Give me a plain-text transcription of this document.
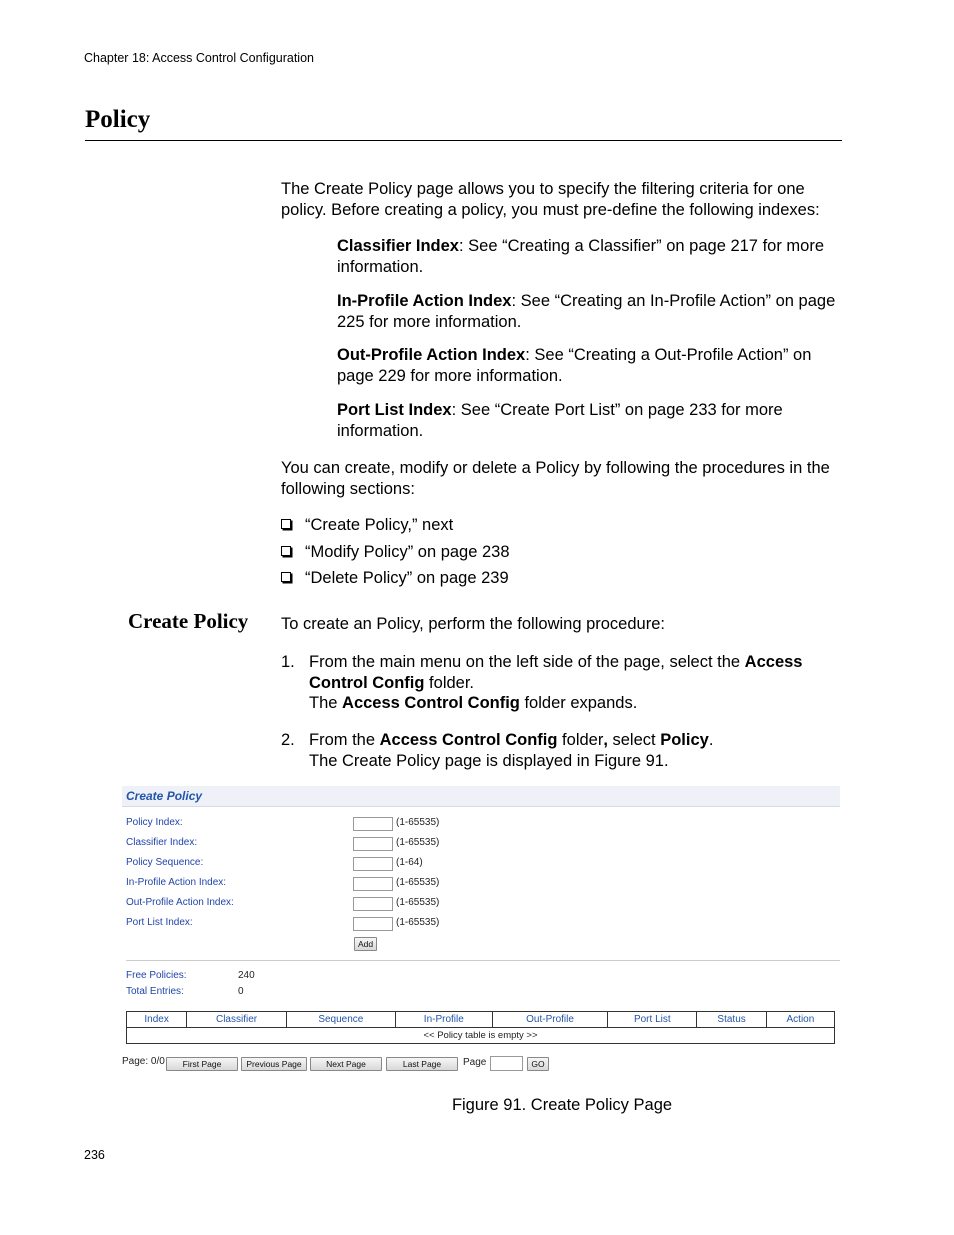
Chapter 18: Access Control Configuration
Policy
The Create Policy page allows you to specify the filtering criteria for one policy. Before creating a policy, you must pre-define the following indexes:
Classifier Index: See “Creating a Classifier” on page 217 for more information.
In-Profile Action Index: See “Creating an In-Profile Action” on page 225 for more information.
Out-Profile Action Index: See “Creating a Out-Profile Action” on page 229 for more information.
Port List Index: See “Create Port List” on page 233 for more information.
You can create, modify or delete a Policy by following the procedures in the following sections:
“Create Policy,” next
“Modify Policy” on page 238
“Delete Policy” on page 239
Create Policy To create an Policy, perform the following procedure:
1. From the main menu on the left side of the page, select the Access Control Config folder.
The Access Control Config folder expands.
2. From the Access Control Config folder, select Policy.
The Create Policy page is displayed in Figure 91.
Create Policy
Policy Index:	(1-65535)
Classifier Index:	(1-65535)
Policy Sequence:	(1-64)
In-Profile Action Index:	(1-65535)
Out-Profile Action Index:	(1-65535)
Port List Index:	(1-65535)
Add
Free Policies:	240
Total Entries:	0
Index	Classifier	Sequence	In-Profile	Out-Profile	Port List	Status	Action
<< Policy table is empty >>
Page: 0/0	First Page	Previous Page	Next Page	Last Page	Page	GO
Figure 91. Create Policy Page
236
